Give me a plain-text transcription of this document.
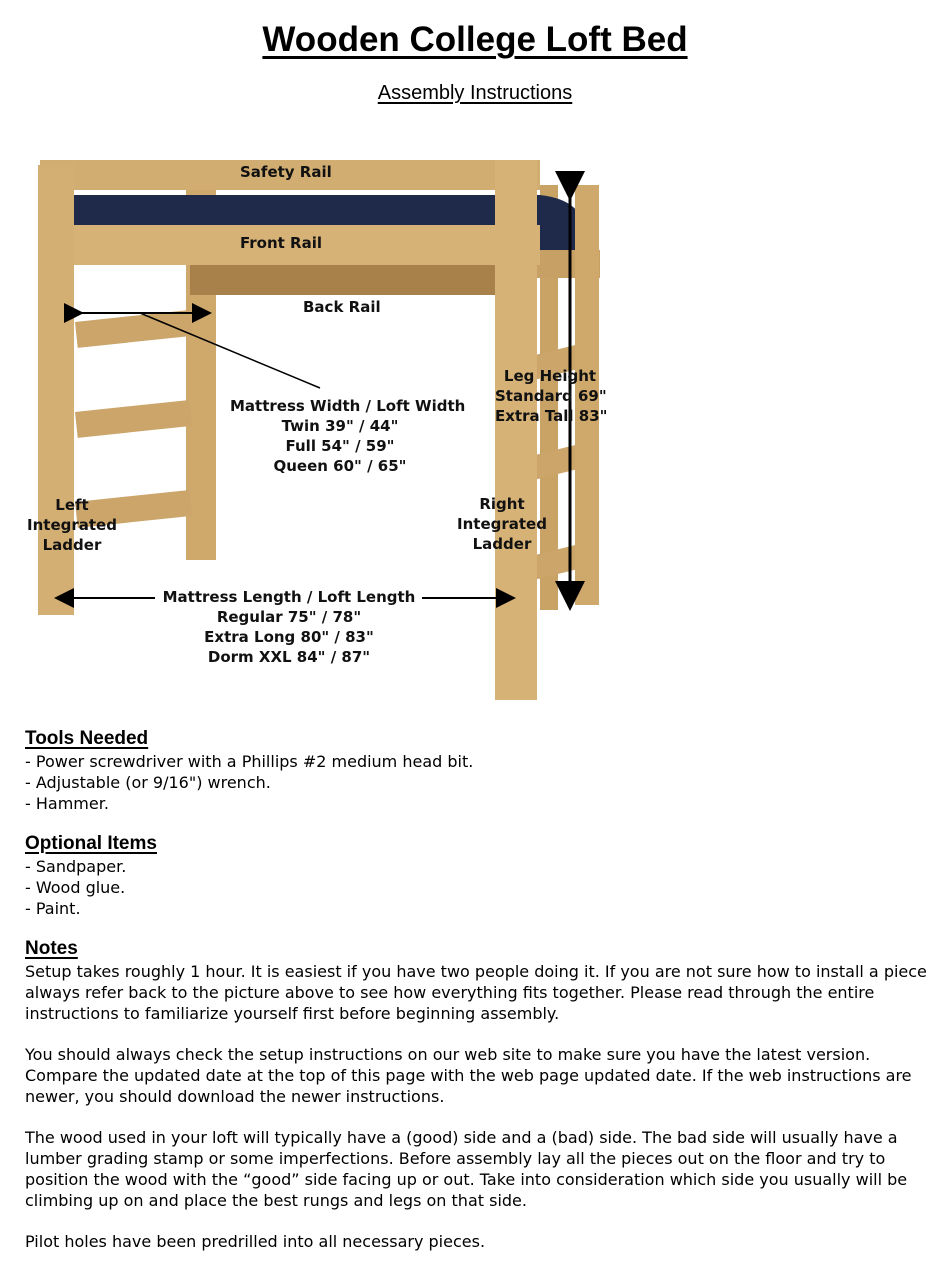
Wooden College Loft Bed
Assembly Instructions
Safety Rail
Front Rail
Back Rail
Mattress Width / Loft Width
Twin 39" / 44"
Full 54" / 59"
Queen 60" / 65"
Leg Height
Standard 69"
Extra Tall 83"
Left
Integrated
Ladder
Right
Integrated
Ladder
Mattress Length / Loft Length
Regular 75" / 78"
Extra Long 80" / 83"
Dorm XXL 84" / 87"
Tools Needed
- Power screwdriver with a Phillips #2 medium head bit.
- Adjustable (or 9/16") wrench.
- Hammer.
Optional Items
- Sandpaper.
- Wood glue.
- Paint.
Notes

Setup takes roughly 1 hour. It is easiest if you have two people doing it. If you are not sure how to install a piece always refer back to the picture above to see how everything fits together. Please read through the entire instructions to familiarize yourself first before beginning assembly.

You should always check the setup instructions on our web site to make sure you have the latest version. Compare the updated date at the top of this page with the web page updated date. If the web instructions are newer, you should download the newer instructions.

The wood used in your loft will typically have a (good) side and a (bad) side. The bad side will usually have a lumber grading stamp or some imperfections. Before assembly lay all the pieces out on the floor and try to position the wood with the “good” side facing up or out. Take into consideration which side you usually will be climbing up on and place the best rungs and legs on that side.

Pilot holes have been predrilled into all necessary pieces.
